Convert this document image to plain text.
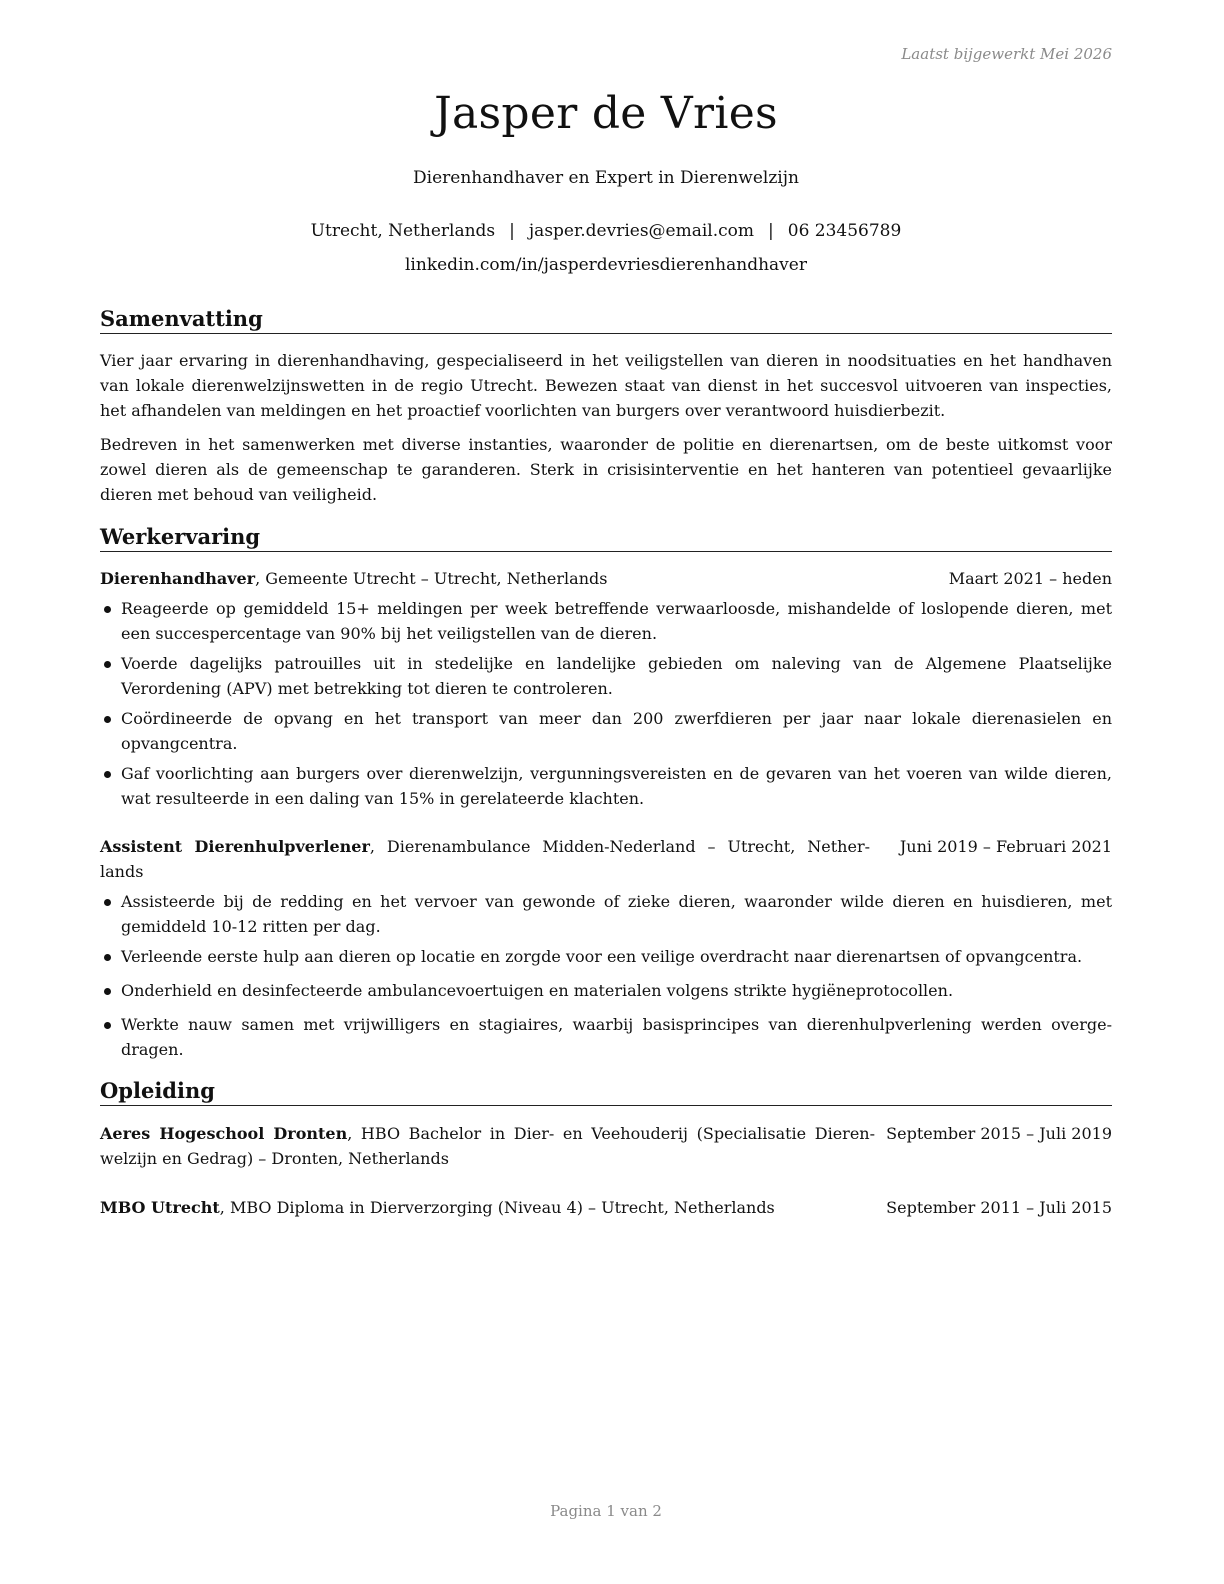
Laatst bijgewerkt Mei 2026
Jasper de Vries
Dierenhandhaver en Expert in Dierenwelzijn
Utrecht, Netherlands | jasper.devries@email.com | 06 23456789
linkedin.com/in/jasperdevriesdierenhandhaver
Samenvatting

Vier jaar ervaring in dierenhandhaving, gespecialiseerd in het veiligstellen van dieren in noodsituaties en het handhaven van lokale dierenwelzijnswetten in de regio Utrecht. Bewezen staat van dienst in het succesvol uitvoeren van inspecties, het afhandelen van meldingen en het proactief voorlichten van burgers over verantwoord huisdierbezit.

Bedreven in het samenwerken met diverse instanties, waaronder de politie en dierenartsen, om de beste uitkomst voor zowel dieren als de gemeenschap te garanderen. Sterk in crisisinterventie en het hanteren van potentieel gevaarlijke dieren met behoud van veiligheid.

Werkervaring
Dierenhandhaver, Gemeente Utrecht – Utrecht, Netherlands	Maart 2021 – heden
Reageerde op gemiddeld 15+ meldingen per week betreffende verwaarloosde, mishandelde of loslopende dieren, met een succespercentage van 90% bij het veiligstellen van de dieren.
Voerde dagelijks patrouilles uit in stedelijke en landelijke gebieden om naleving van de Algemene Plaatselijke Verordening (APV) met betrekking tot dieren te controleren.
Coördineerde de opvang en het transport van meer dan 200 zwerfdieren per jaar naar lokale dierenasielen en opvangcentra.
Gaf voorlichting aan burgers over dierenwelzijn, vergunningsvereisten en de gevaren van het voeren van wilde dieren, wat resulteerde in een daling van 15% in gerelateerde klachten.
Assistent Dierenhulpverlener, Dierenambulance Midden-Nederland – Utrecht, Nether- lands
Juni 2019 – Februari 2021
Assisteerde bij de redding en het vervoer van gewonde of zieke dieren, waaronder wilde dieren en huisdieren, met gemiddeld 10-12 ritten per dag.
Verleende eerste hulp aan dieren op locatie en zorgde voor een veilige overdracht naar dierenartsen of opvangcentra.
Onderhield en desinfecteerde ambulancevoertuigen en materialen volgens strikte hygiëneprotocollen.
Werkte nauw samen met vrijwilligers en stagiaires, waarbij basisprincipes van dierenhulpverlening werden overge- dragen.
Opleiding
Aeres Hogeschool Dronten, HBO Bachelor in Dier- en Veehouderij (Specialisatie Dieren- welzijn en Gedrag) – Dronten, Netherlands
September 2015 – Juli 2019
MBO Utrecht, MBO Diploma in Dierverzorging (Niveau 4) – Utrecht, Netherlands	September 2011 – Juli 2015
Pagina 1 van 2
